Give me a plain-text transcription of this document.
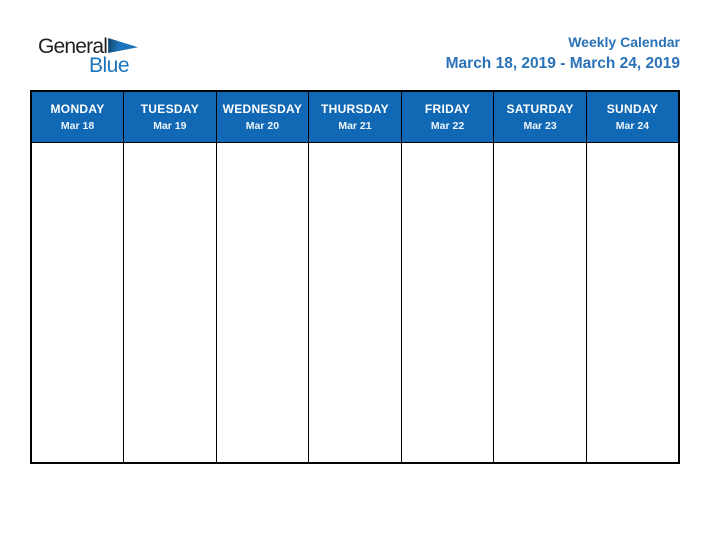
General
Blue
Weekly Calendar
March 18, 2019 - March 24, 2019
MONDAY
Mar 18

TUESDAY
Mar 19

WEDNESDAY
Mar 20

THURSDAY
Mar 21

FRIDAY
Mar 22

SATURDAY
Mar 23

SUNDAY
Mar 24
